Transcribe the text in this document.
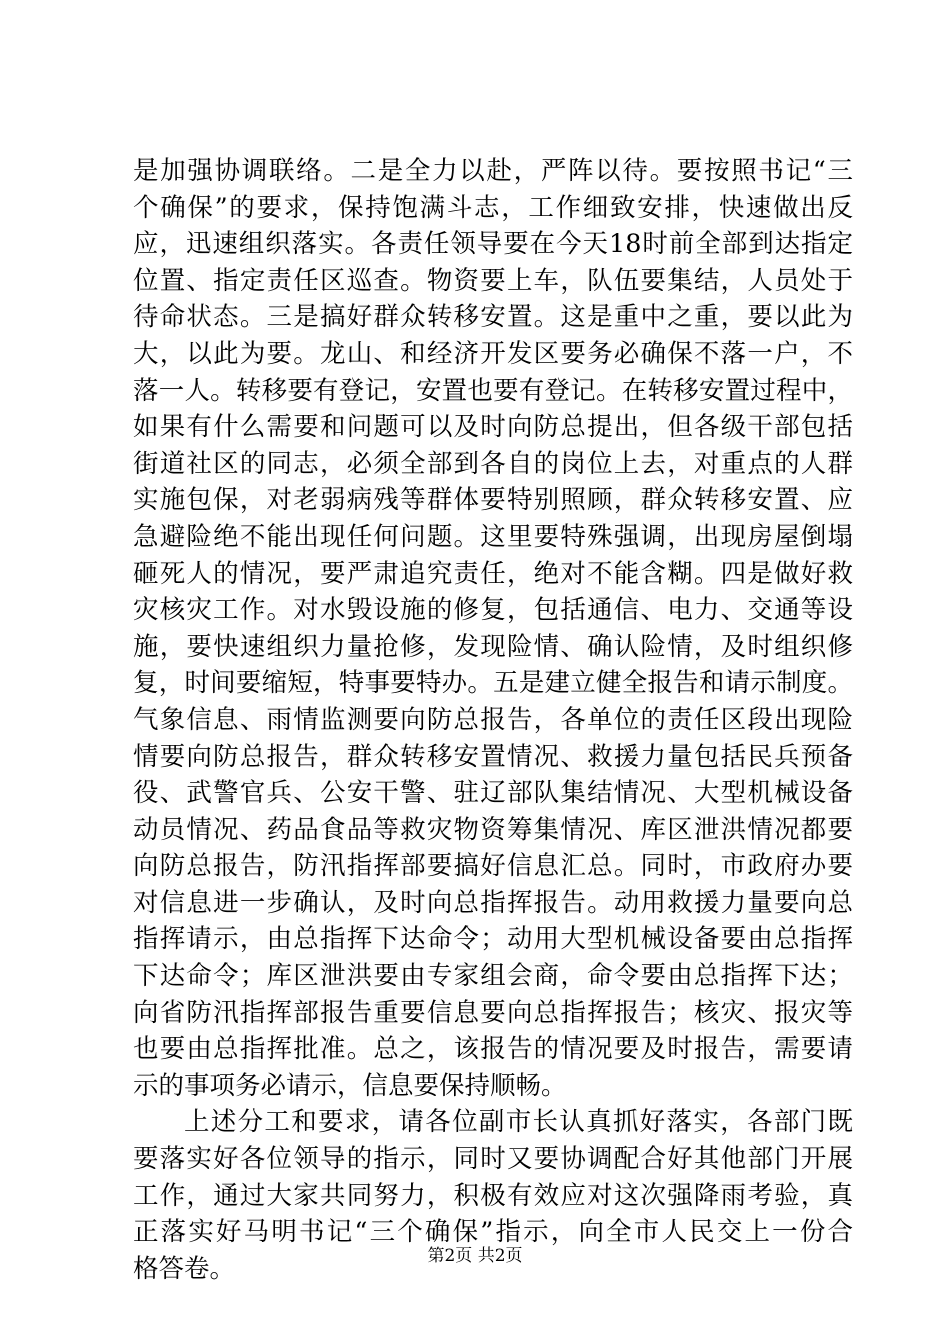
是加强协调联络。二是全力以赴，严阵以待。要按照书记“三
个确保”的要求，保持饱满斗志，工作细致安排，快速做出反
应，迅速组织落实。各责任领导要在今天18时前全部到达指定
位置、指定责任区巡查。物资要上车，队伍要集结，人员处于
待命状态。三是搞好群众转移安置。这是重中之重，要以此为
大，以此为要。龙山、和经济开发区要务必确保不落一户，不
落一人。转移要有登记，安置也要有登记。在转移安置过程中，
如果有什么需要和问题可以及时向防总提出，但各级干部包括
街道社区的同志，必须全部到各自的岗位上去，对重点的人群
实施包保，对老弱病残等群体要特别照顾，群众转移安置、应
急避险绝不能出现任何问题。这里要特殊强调，出现房屋倒塌
砸死人的情况，要严肃追究责任，绝对不能含糊。四是做好救
灾核灾工作。对水毁设施的修复，包括通信、电力、交通等设
施，要快速组织力量抢修，发现险情、确认险情，及时组织修
复，时间要缩短，特事要特办。五是建立健全报告和请示制度。
气象信息、雨情监测要向防总报告，各单位的责任区段出现险
情要向防总报告，群众转移安置情况、救援力量包括民兵预备
役、武警官兵、公安干警、驻辽部队集结情况、大型机械设备
动员情况、药品食品等救灾物资筹集情况、库区泄洪情况都要
向防总报告，防汛指挥部要搞好信息汇总。同时，市政府办要
对信息进一步确认，及时向总指挥报告。动用救援力量要向总
指挥请示，由总指挥下达命令；动用大型机械设备要由总指挥
下达命令；库区泄洪要由专家组会商，命令要由总指挥下达；
向省防汛指挥部报告重要信息要向总指挥报告；核灾、报灾等
也要由总指挥批准。总之，该报告的情况要及时报告，需要请
示的事项务必请示，信息要保持顺畅。
上述分工和要求，请各位副市长认真抓好落实，各部门既
要落实好各位领导的指示，同时又要协调配合好其他部门开展
工作，通过大家共同努力，积极有效应对这次强降雨考验，真
正落实好马明书记“三个确保”指示，向全市人民交上一份合
格答卷。	第2页 共2页
